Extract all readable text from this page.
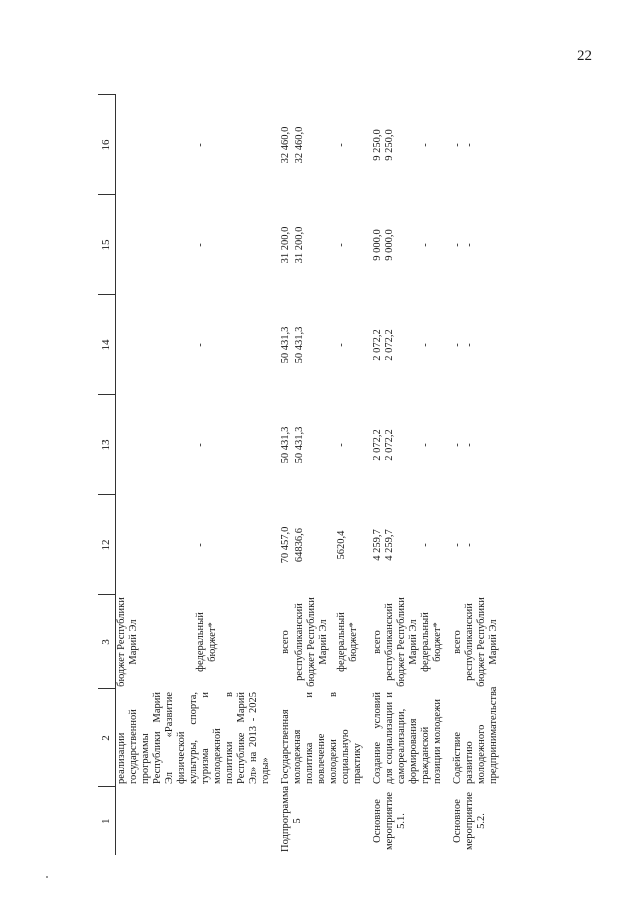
22
1	2	3	12	13	14	15	16
	реализации государственной программы Республики Марий Эл «Развитие физической культуры, спорта, туризма и молодежной политики в Республике Марий Эл» на 2013 - 2025 годы»	бюджет Республики Марий Эл					
		федеральный бюджет*	-	-	-	-	-

Подпрограмма 5	Государственная молодежная политика и вовлечение молодежи в социальную практику	всего	70 457,0	50 431,3	50 431,3	31 200,0	32 460,0
		республиканский бюджет Республики Марий Эл	64836,6	50 431,3	50 431,3	31 200,0	32 460,0
		федеральный бюджет*	5620,4	-	-	-	-

Основное мероприятие 5.1.	Создание условий для социализации и самореализации, формирования гражданской позиции молодежи	всего	4 259,7	2 072,2	2 072,2	9 000,0	9 250,0
		республиканский бюджет Республики Марий Эл	4 259,7	2 072,2	2 072,2	9 000,0	9 250,0
		федеральный бюджет*	-	-	-	-	-

Основное мероприятие 5.2.	Содействие развитию молодежного предпринимательства	всего	-	-	-	-	-
		республиканский бюджет Республики Марий Эл	-	-	-	-	-
